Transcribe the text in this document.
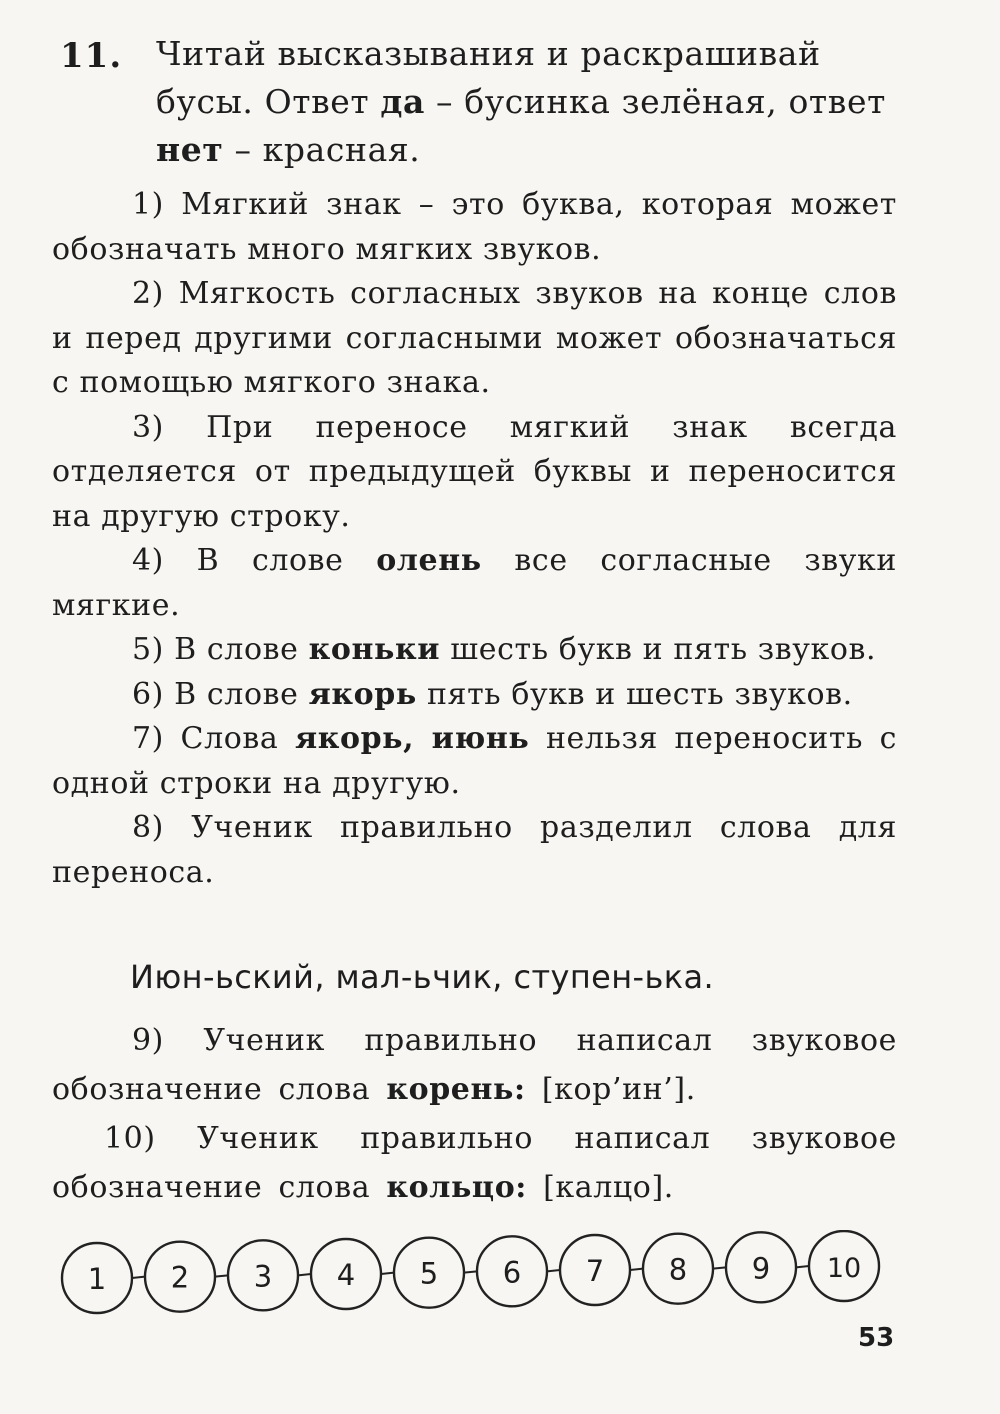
11. Читай высказывания и раскрашивай бусы. Ответ да – бусинка зелёная, ответ нет – красная.

1) Мягкий знак – это буква, которая может обозначать много мягких звуков.

2) Мягкость согласных звуков на конце слов и перед другими согласными может обозначаться с помощью мягкого знака.

3) При переносе мягкий знак всегда отделяется от предыдущей буквы и переносится на другую строку.

4) В слове олень все согласные звуки мягкие.

5) В слове коньки шесть букв и пять звуков.

6) В слове якорь пять букв и шесть звуков.

7) Слова якорь, июнь нельзя переносить с одной строки на другую.

8) Ученик правильно разделил слова для переноса.

Июн-ьский, мал-ьчик, ступен-ька.

9) Ученик правильно написал звуковое обозначение слова корень: [кор’ин’].

10) Ученик правильно написал звуковое обозначение слова кольцо: [калцо].

1 2 3 4 5 6 7 8 9 10
53
